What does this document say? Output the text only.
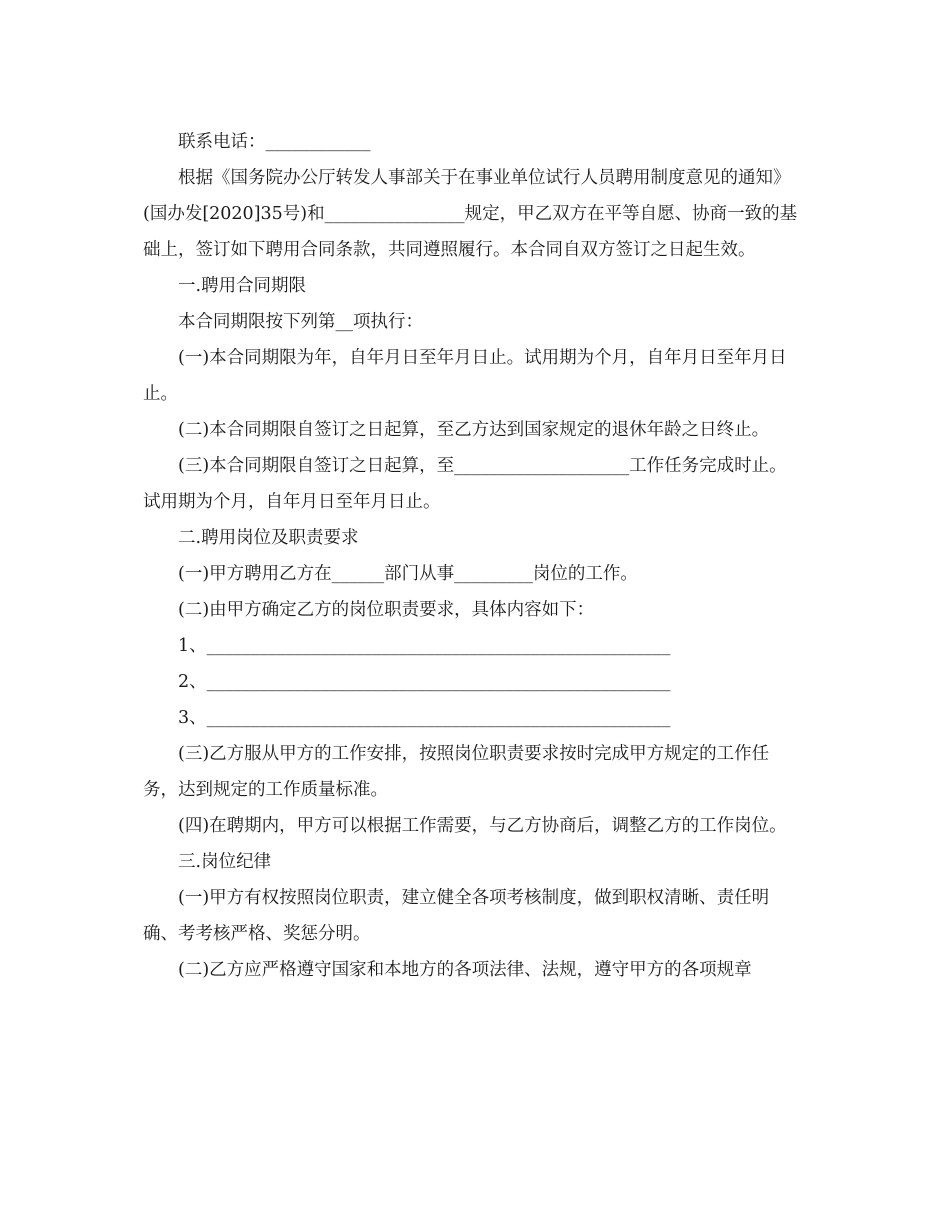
联系电话：____________

根据《国务院办公厅转发人事部关于在事业单位试行人员聘用制度意见的通知》(国办发[2020]35号)和________________规定，甲乙双方在平等自愿、协商一致的基础上，签订如下聘用合同条款，共同遵照履行。本合同自双方签订之日起生效。

一.聘用合同期限

本合同期限按下列第__项执行：

(一)本合同期限为年，自年月日至年月日止。试用期为个月，自年月日至年月日止。

(二)本合同期限自签订之日起算，至乙方达到国家规定的退休年龄之日终止。

(三)本合同期限自签订之日起算，至____________________工作任务完成时止。试用期为个月，自年月日至年月日止。

二.聘用岗位及职责要求

(一)甲方聘用乙方在______部门从事_________岗位的工作。

(二)由甲方确定乙方的岗位职责要求，具体内容如下：

1、_____________________________________________________

2、_____________________________________________________

3、_____________________________________________________

(三)乙方服从甲方的工作安排，按照岗位职责要求按时完成甲方规定的工作任务，达到规定的工作质量标准。

(四)在聘期内，甲方可以根据工作需要，与乙方协商后，调整乙方的工作岗位。

三.岗位纪律

(一)甲方有权按照岗位职责，建立健全各项考核制度，做到职权清晰、责任明确、考考核严格、奖惩分明。

(二)乙方应严格遵守国家和本地方的各项法律、法规，遵守甲方的各项规章
